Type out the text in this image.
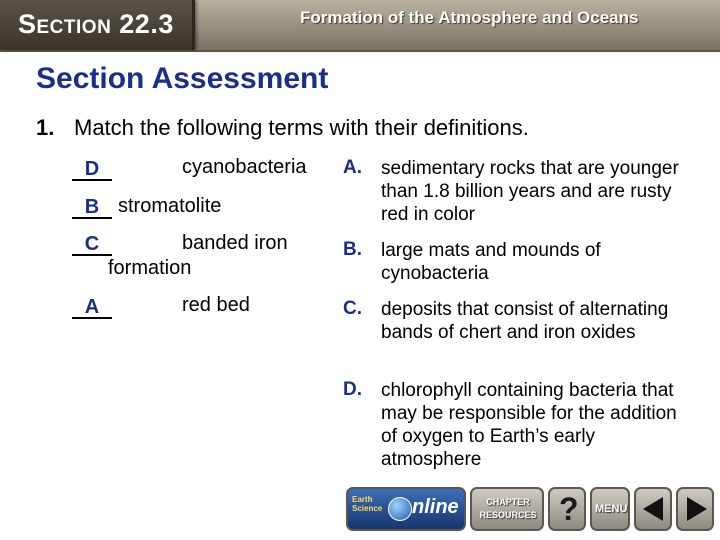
Section 22.3	Formation of the Atmosphere and Oceans
Section Assessment
1. Match the following terms with their definitions.
D	cyanobacteria
B stromatolite
C	banded iron
formation
A	red bed
A. sedimentary rocks that are younger than 1.8 billion years and are rusty red in color
B. large mats and mounds of cynobacteria
C. deposits that consist of alternating bands of chert and iron oxides
D. chlorophyll containing bacteria that may be responsible for the addition of oxygen to Earth’s early atmosphere
Earth Science nline	CHAPTER RESOURCES ? MENU
